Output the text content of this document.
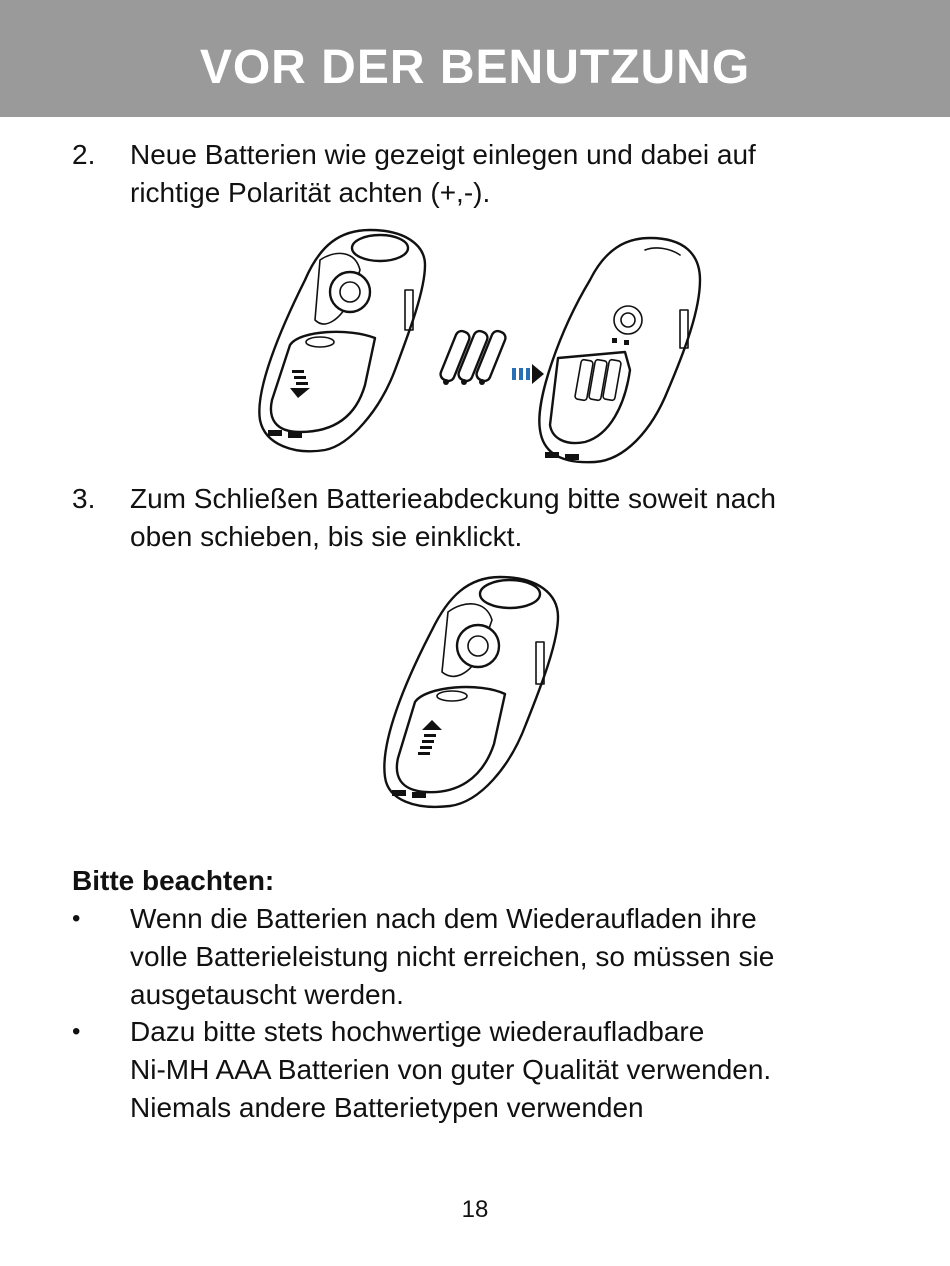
VOR DER BENUTZUNG
2.	Neue Batterien wie gezeigt einlegen und dabei auf
richtige Polarität achten (+,-).
3.	Zum Schließen Batterieabdeckung bitte soweit nach
oben schieben, bis sie einklickt.
Bitte beachten:
•	Wenn die Batterien nach dem Wiederaufladen ihre
volle Batterieleistung nicht erreichen, so müssen sie
ausgetauscht werden.
•	Dazu bitte stets hochwertige wiederaufladbare
Ni-MH AAA Batterien von guter Qualität verwenden.
Niemals andere Batterietypen verwenden
18
